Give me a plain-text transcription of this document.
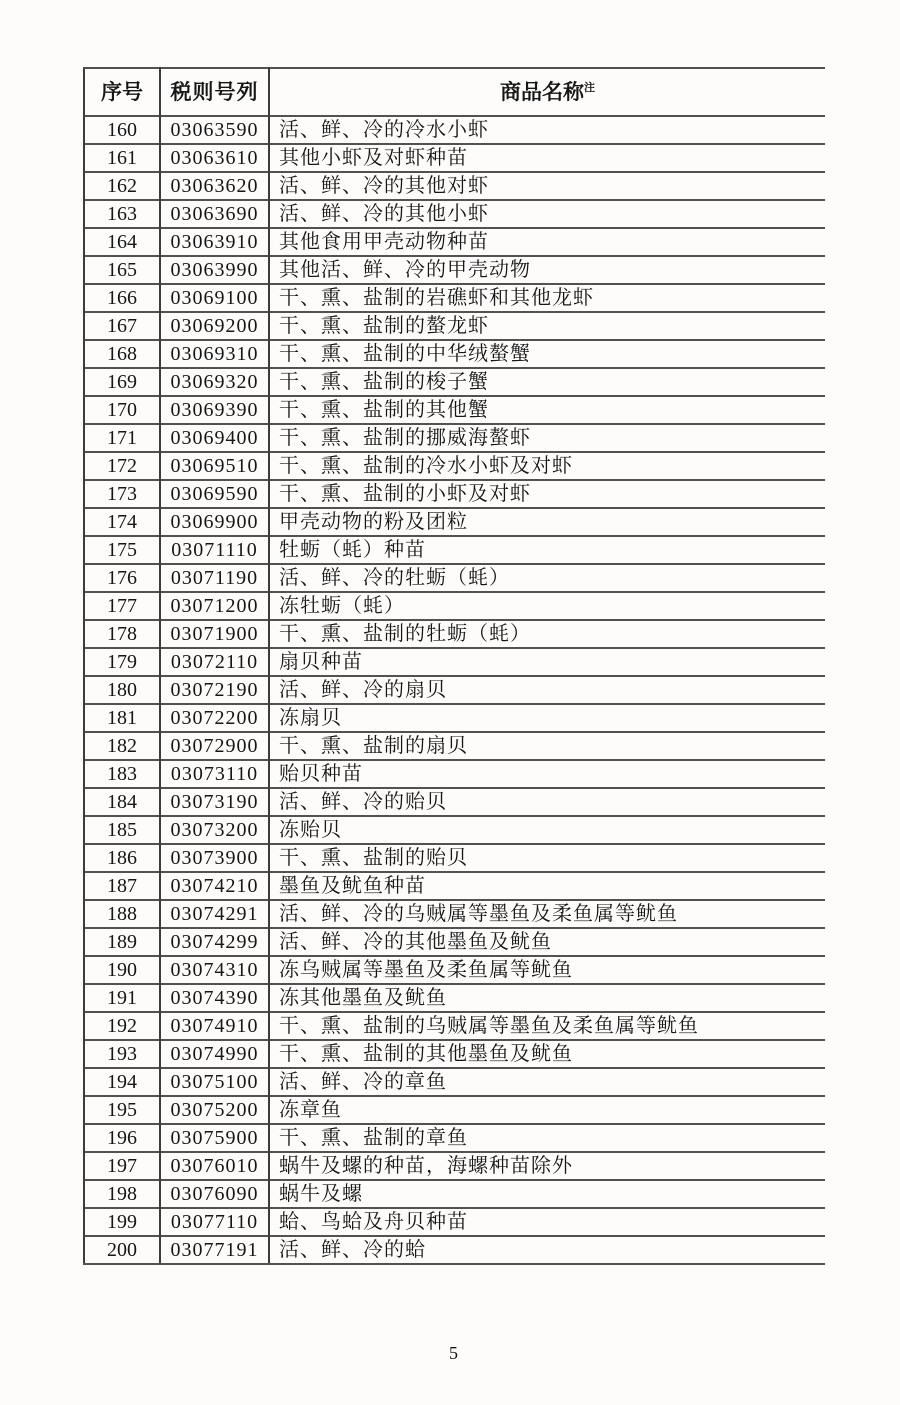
序号	税则号列	商品名称$^注$
160	03063590	活、鲜、冷的冷水小虾
161	03063610	其他小虾及对虾种苗
162	03063620	活、鲜、冷的其他对虾
163	03063690	活、鲜、冷的其他小虾
164	03063910	其他食用甲壳动物种苗
165	03063990	其他活、鲜、冷的甲壳动物
166	03069100	干、熏、盐制的岩礁虾和其他龙虾
167	03069200	干、熏、盐制的螯龙虾
168	03069310	干、熏、盐制的中华绒螯蟹
169	03069320	干、熏、盐制的梭子蟹
170	03069390	干、熏、盐制的其他蟹
171	03069400	干、熏、盐制的挪威海螯虾
172	03069510	干、熏、盐制的冷水小虾及对虾
173	03069590	干、熏、盐制的小虾及对虾
174	03069900	甲壳动物的粉及团粒
175	03071110	牡蛎（蚝）种苗
176	03071190	活、鲜、冷的牡蛎（蚝）
177	03071200	冻牡蛎（蚝）
178	03071900	干、熏、盐制的牡蛎（蚝）
179	03072110	扇贝种苗
180	03072190	活、鲜、冷的扇贝
181	03072200	冻扇贝
182	03072900	干、熏、盐制的扇贝
183	03073110	贻贝种苗
184	03073190	活、鲜、冷的贻贝
185	03073200	冻贻贝
186	03073900	干、熏、盐制的贻贝
187	03074210	墨鱼及鱿鱼种苗
188	03074291	活、鲜、冷的乌贼属等墨鱼及柔鱼属等鱿鱼
189	03074299	活、鲜、冷的其他墨鱼及鱿鱼
190	03074310	冻乌贼属等墨鱼及柔鱼属等鱿鱼
191	03074390	冻其他墨鱼及鱿鱼
192	03074910	干、熏、盐制的乌贼属等墨鱼及柔鱼属等鱿鱼
193	03074990	干、熏、盐制的其他墨鱼及鱿鱼
194	03075100	活、鲜、冷的章鱼
195	03075200	冻章鱼
196	03075900	干、熏、盐制的章鱼
197	03076010	蜗牛及螺的种苗，海螺种苗除外
198	03076090	蜗牛及螺
199	03077110	蛤、鸟蛤及舟贝种苗
200	03077191	活、鲜、冷的蛤
5
